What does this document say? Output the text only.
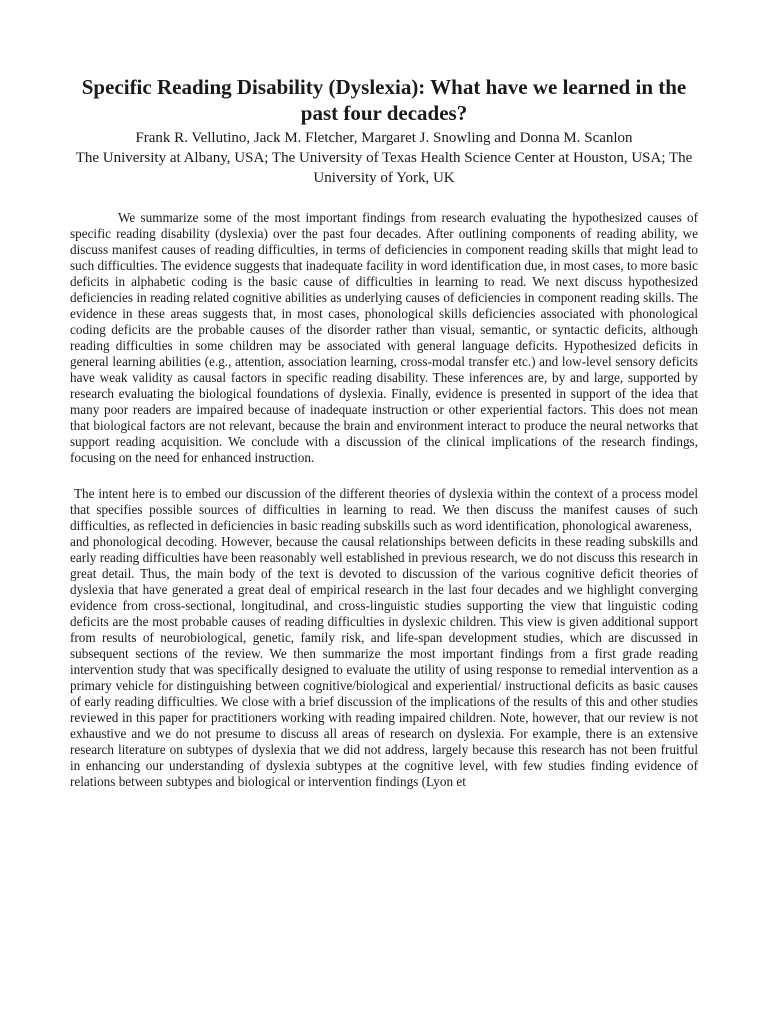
Specific Reading Disability (Dyslexia): What have we learned in the past four decades?

Frank R. Vellutino, Jack M. Fletcher, Margaret J. Snowling and Donna M. Scanlon

The University at Albany, USA; The University of Texas Health Science Center at Houston, USA; The University of York, UK

We summarize some of the most important findings from research evaluating the hypothesized causes of specific reading disability (dyslexia) over the past four decades. After outlining components of reading ability, we discuss manifest causes of reading difficulties, in terms of deficiencies in component reading skills that might lead to such difficulties. The evidence suggests that inadequate facility in word identification due, in most cases, to more basic deficits in alphabetic coding is the basic cause of difficulties in learning to read. We next discuss hypothesized deficiencies in reading related cognitive abilities as underlying causes of deficiencies in component reading skills. The evidence in these areas suggests that, in most cases, phonological skills deficiencies associated with phonological coding deficits are the probable causes of the disorder rather than visual, semantic, or syntactic deficits, although reading difficulties in some children may be associated with general language deficits. Hypothesized deficits in general learning abilities (e.g., attention, association learning, cross-modal transfer etc.) and low-level sensory deficits have weak validity as causal factors in specific reading disability. These inferences are, by and large, supported by research evaluating the biological foundations of dyslexia. Finally, evidence is presented in support of the idea that many poor readers are impaired because of inadequate instruction or other experiential factors. This does not mean that biological factors are not relevant, because the brain and environment interact to produce the neural networks that support reading acquisition. We conclude with a discussion of the clinical implications of the research findings, focusing on the need for enhanced instruction.
The intent here is to embed our discussion of the different theories of dyslexia within the context of a process model that specifies possible sources of difficulties in learning to read. We then discuss the manifest causes of such difficulties, as reflected in deficiencies in basic reading subskills such as word identification, phonological awareness,
and phonological decoding. However, because the causal relationships between deficits in these reading subskills and early reading difficulties have been reasonably well established in previous research, we do not discuss this research in great detail. Thus, the main body of the text is devoted to discussion of the various cognitive deficit theories of dyslexia that have generated a great deal of empirical research in the last four decades and we highlight converging evidence from cross-sectional, longitudinal, and cross-linguistic studies supporting the view that linguistic coding deficits are the most probable causes of reading difficulties in dyslexic children. This view is given additional support from results of neurobiological, genetic, family risk, and life-span development studies, which are discussed in subsequent sections of the review. We then summarize the most important findings from a first grade reading intervention study that was specifically designed to evaluate the utility of using response to remedial intervention as a primary vehicle for distinguishing between cognitive/biological and experiential/ instructional deficits as basic causes of early reading difficulties. We close with a brief discussion of the implications of the results of this and other studies reviewed in this paper for practitioners working with reading impaired children. Note, however, that our review is not exhaustive and we do not presume to discuss all areas of research on dyslexia. For example, there is an extensive research literature on subtypes of dyslexia that we did not address, largely because this research has not been fruitful in enhancing our understanding of dyslexia subtypes at the cognitive level, with few studies finding evidence of relations between subtypes and biological or intervention findings (Lyon et
